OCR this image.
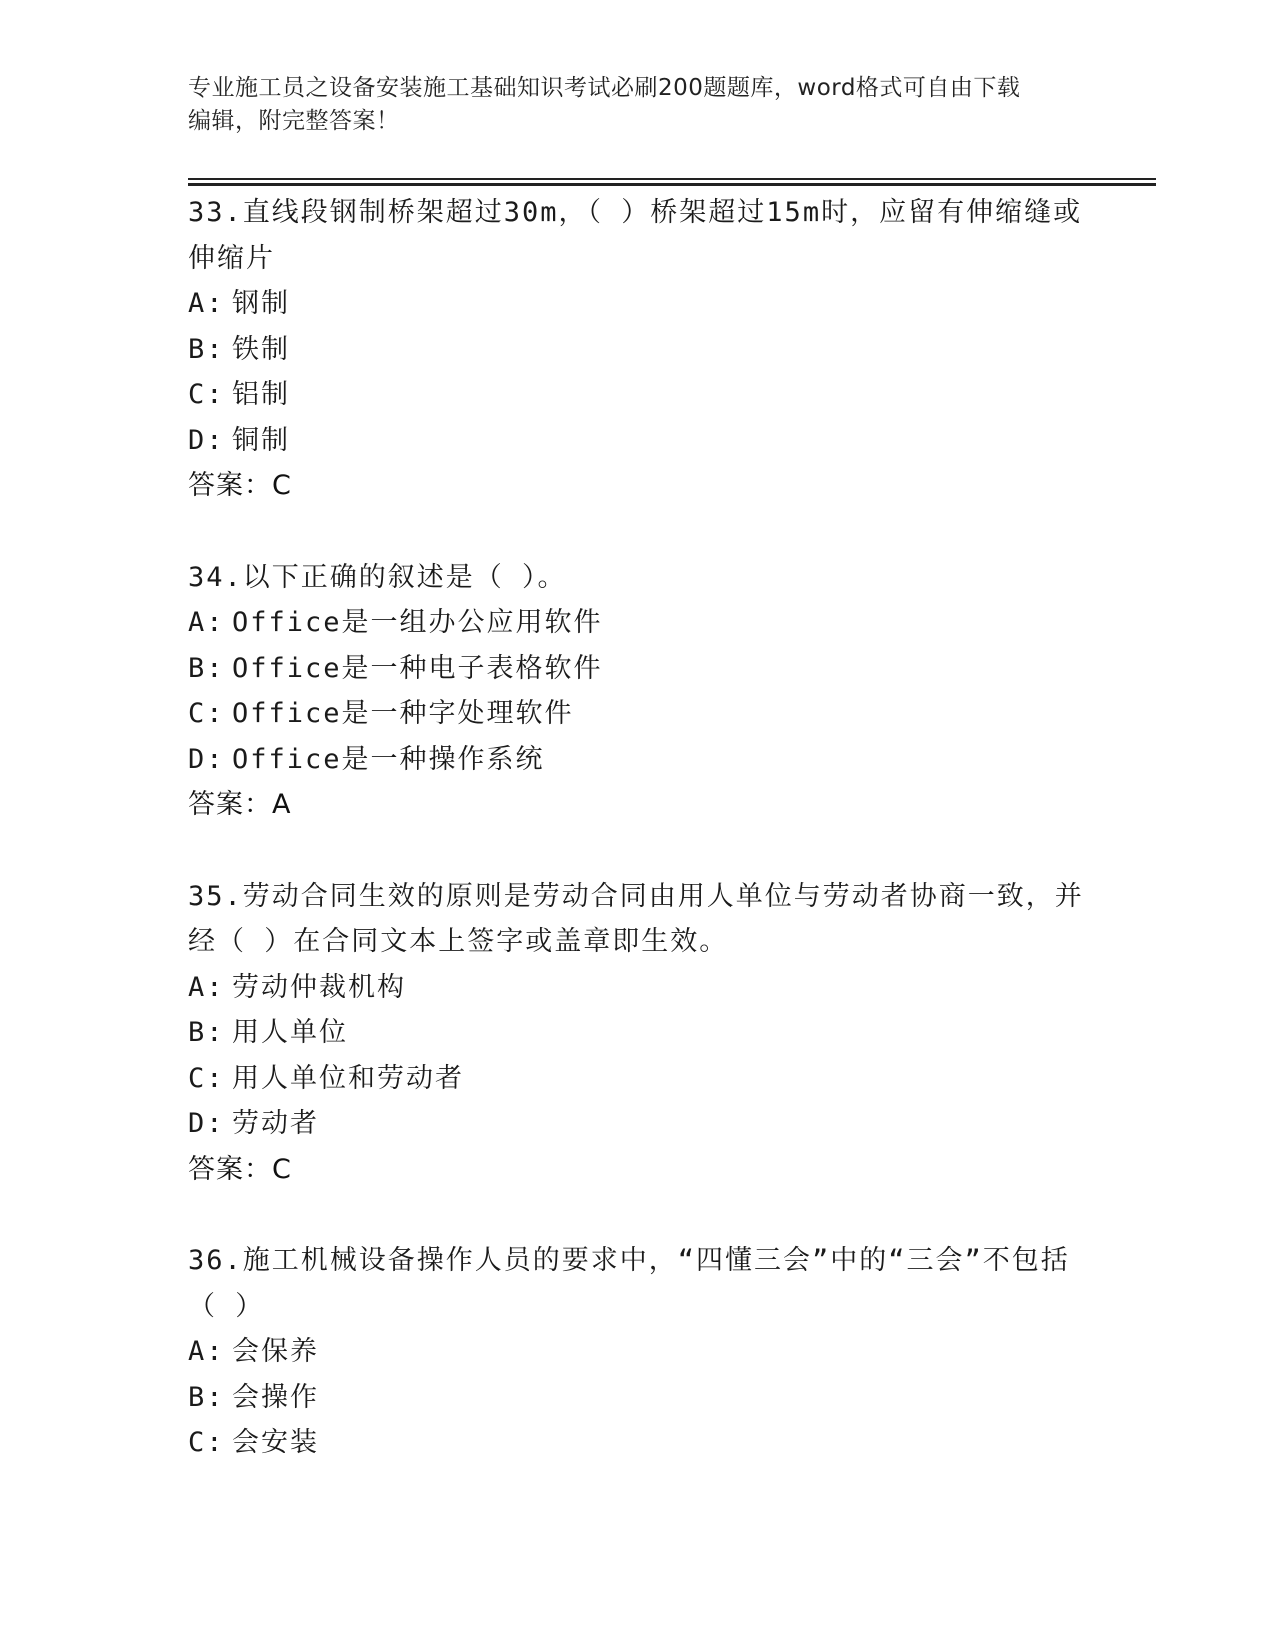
专业施工员之设备安装施工基础知识考试必刷200题题库，word格式可自由下载
编辑，附完整答案！

33.直线段钢制桥架超过30m，（ ）桥架超过15m时，应留有伸缩缝或伸缩片

A: 钢制

B: 铁制

C: 铝制

D: 铜制

答案：C

34.以下正确的叙述是（ ）。

A: Office是一组办公应用软件

B: Office是一种电子表格软件

C: Office是一种字处理软件

D: Office是一种操作系统

答案：A

35.劳动合同生效的原则是劳动合同由用人单位与劳动者协商一致，并经（ ）在合同文本上签字或盖章即生效。

A: 劳动仲裁机构

B: 用人单位

C: 用人单位和劳动者

D: 劳动者

答案：C

36.施工机械设备操作人员的要求中，“四懂三会”中的“三会”不包括（ ）

A: 会保养

B: 会操作

C: 会安装
